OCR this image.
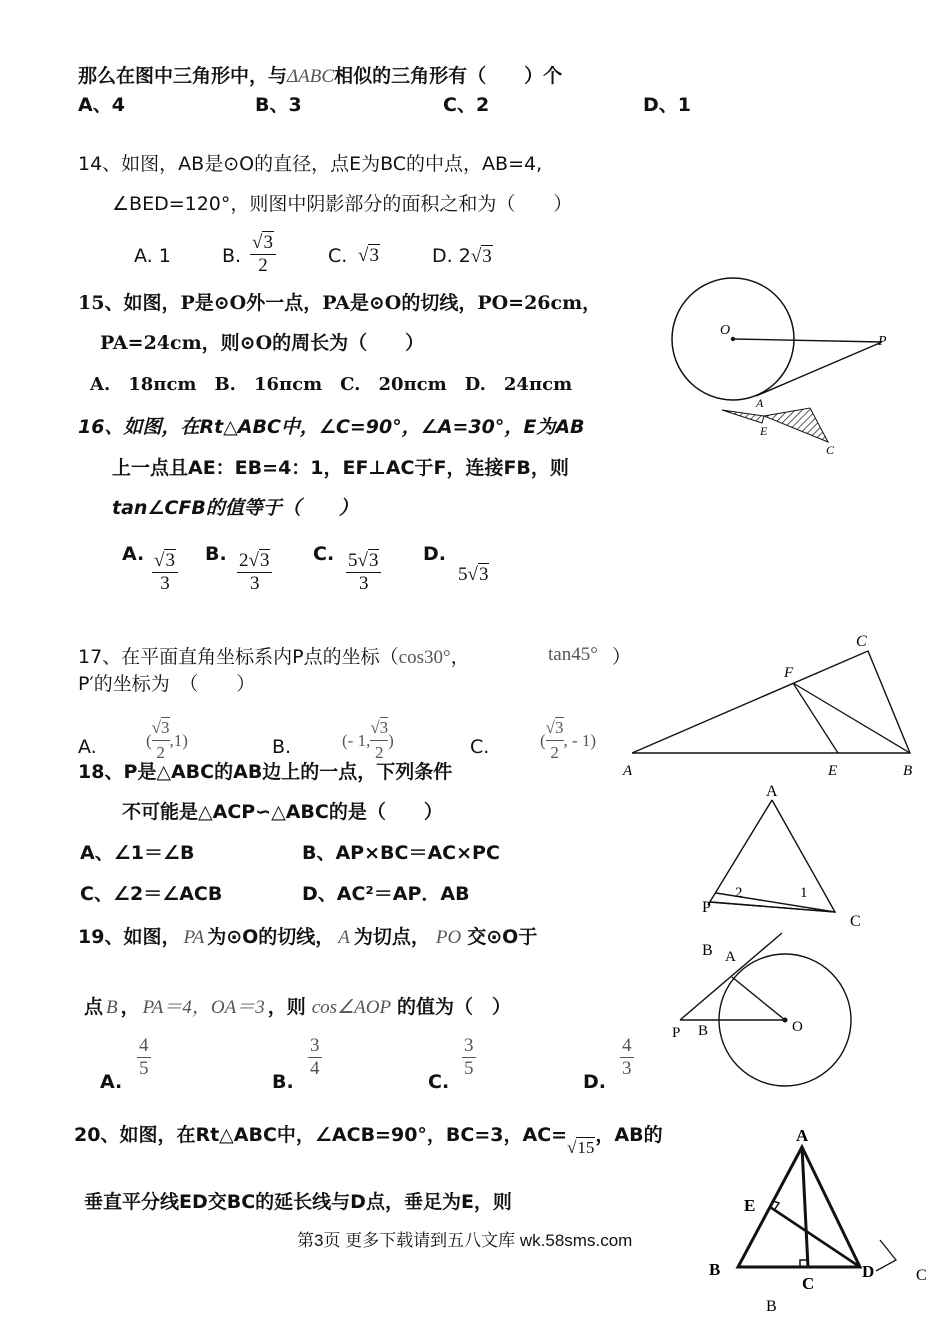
那么在图中三角形中，与ΔABC相似的三角形有（　　）个
A、4	B、3	C、2	D、1
14、如图，AB是⊙O的直径，点E为BC的中点，AB=4,
∠BED=120°，则图中阴影部分的面积之和为（　　）
A. 1	B. $\frac{√3}{2}$	C. √3	D. 2√3
15、如图，P是⊙O外一点，PA是⊙O的切线，PO=26cm，
PA=24cm，则⊙O的周长为（　　）
A.　18πcm　B.　16πcm　C.　20πcm　D.　24πcm
O
P
A
E
C
16、如图，在Rt△ABC中，∠C=90°，∠A=30°，E为AB
上一点且AE：EB=4：1，EF⊥AC于F，连接FB，则
tan∠CFB的值等于（　　）
A. $\frac{√3}{3} B$. $\frac{2√3}{3} C$. $\frac{5√3}{3} D$.
5√3
17、在平面直角坐标系内P点的坐标（cos30°，	tan45° ）
P′的坐标为　（　　）
A.	( $\frac{√3}{2} ,1$)	B.	(- 1, $\frac{√3}{2}$ )	C.	( $\frac{√3}{2}$ , - 1)
A	B
C
E
F
18、P是△ABC的AB边上的一点，下列条件
不可能是△ACP∽△ABC的是（　　）
A、∠1＝∠B	B、AP×BC＝AC×PC
C、∠2＝∠ACB	D、AC²＝AP．AB
A
P
B
C
1
2
19、如图， PA 为⊙O的切线， A 为切点， PO 交⊙O于
点 B ， PA＝4，OA＝3 ，则 cos∠AOP 的值为（　）
A.
$\frac{4}{5}$
B.
$\frac{3}{4}$
C.
$\frac{3}{5}$
D.
$\frac{4}{3}$
A
P B	O
20、如图，在Rt△ABC中，∠ACB=90°，BC=3，AC=√15，AB的
垂直平分线ED交BC的延长线与D点，垂足为E，则
A
E
B
C
D	C
B
第3页 更多下载请到五八文库 wk.58sms.com
